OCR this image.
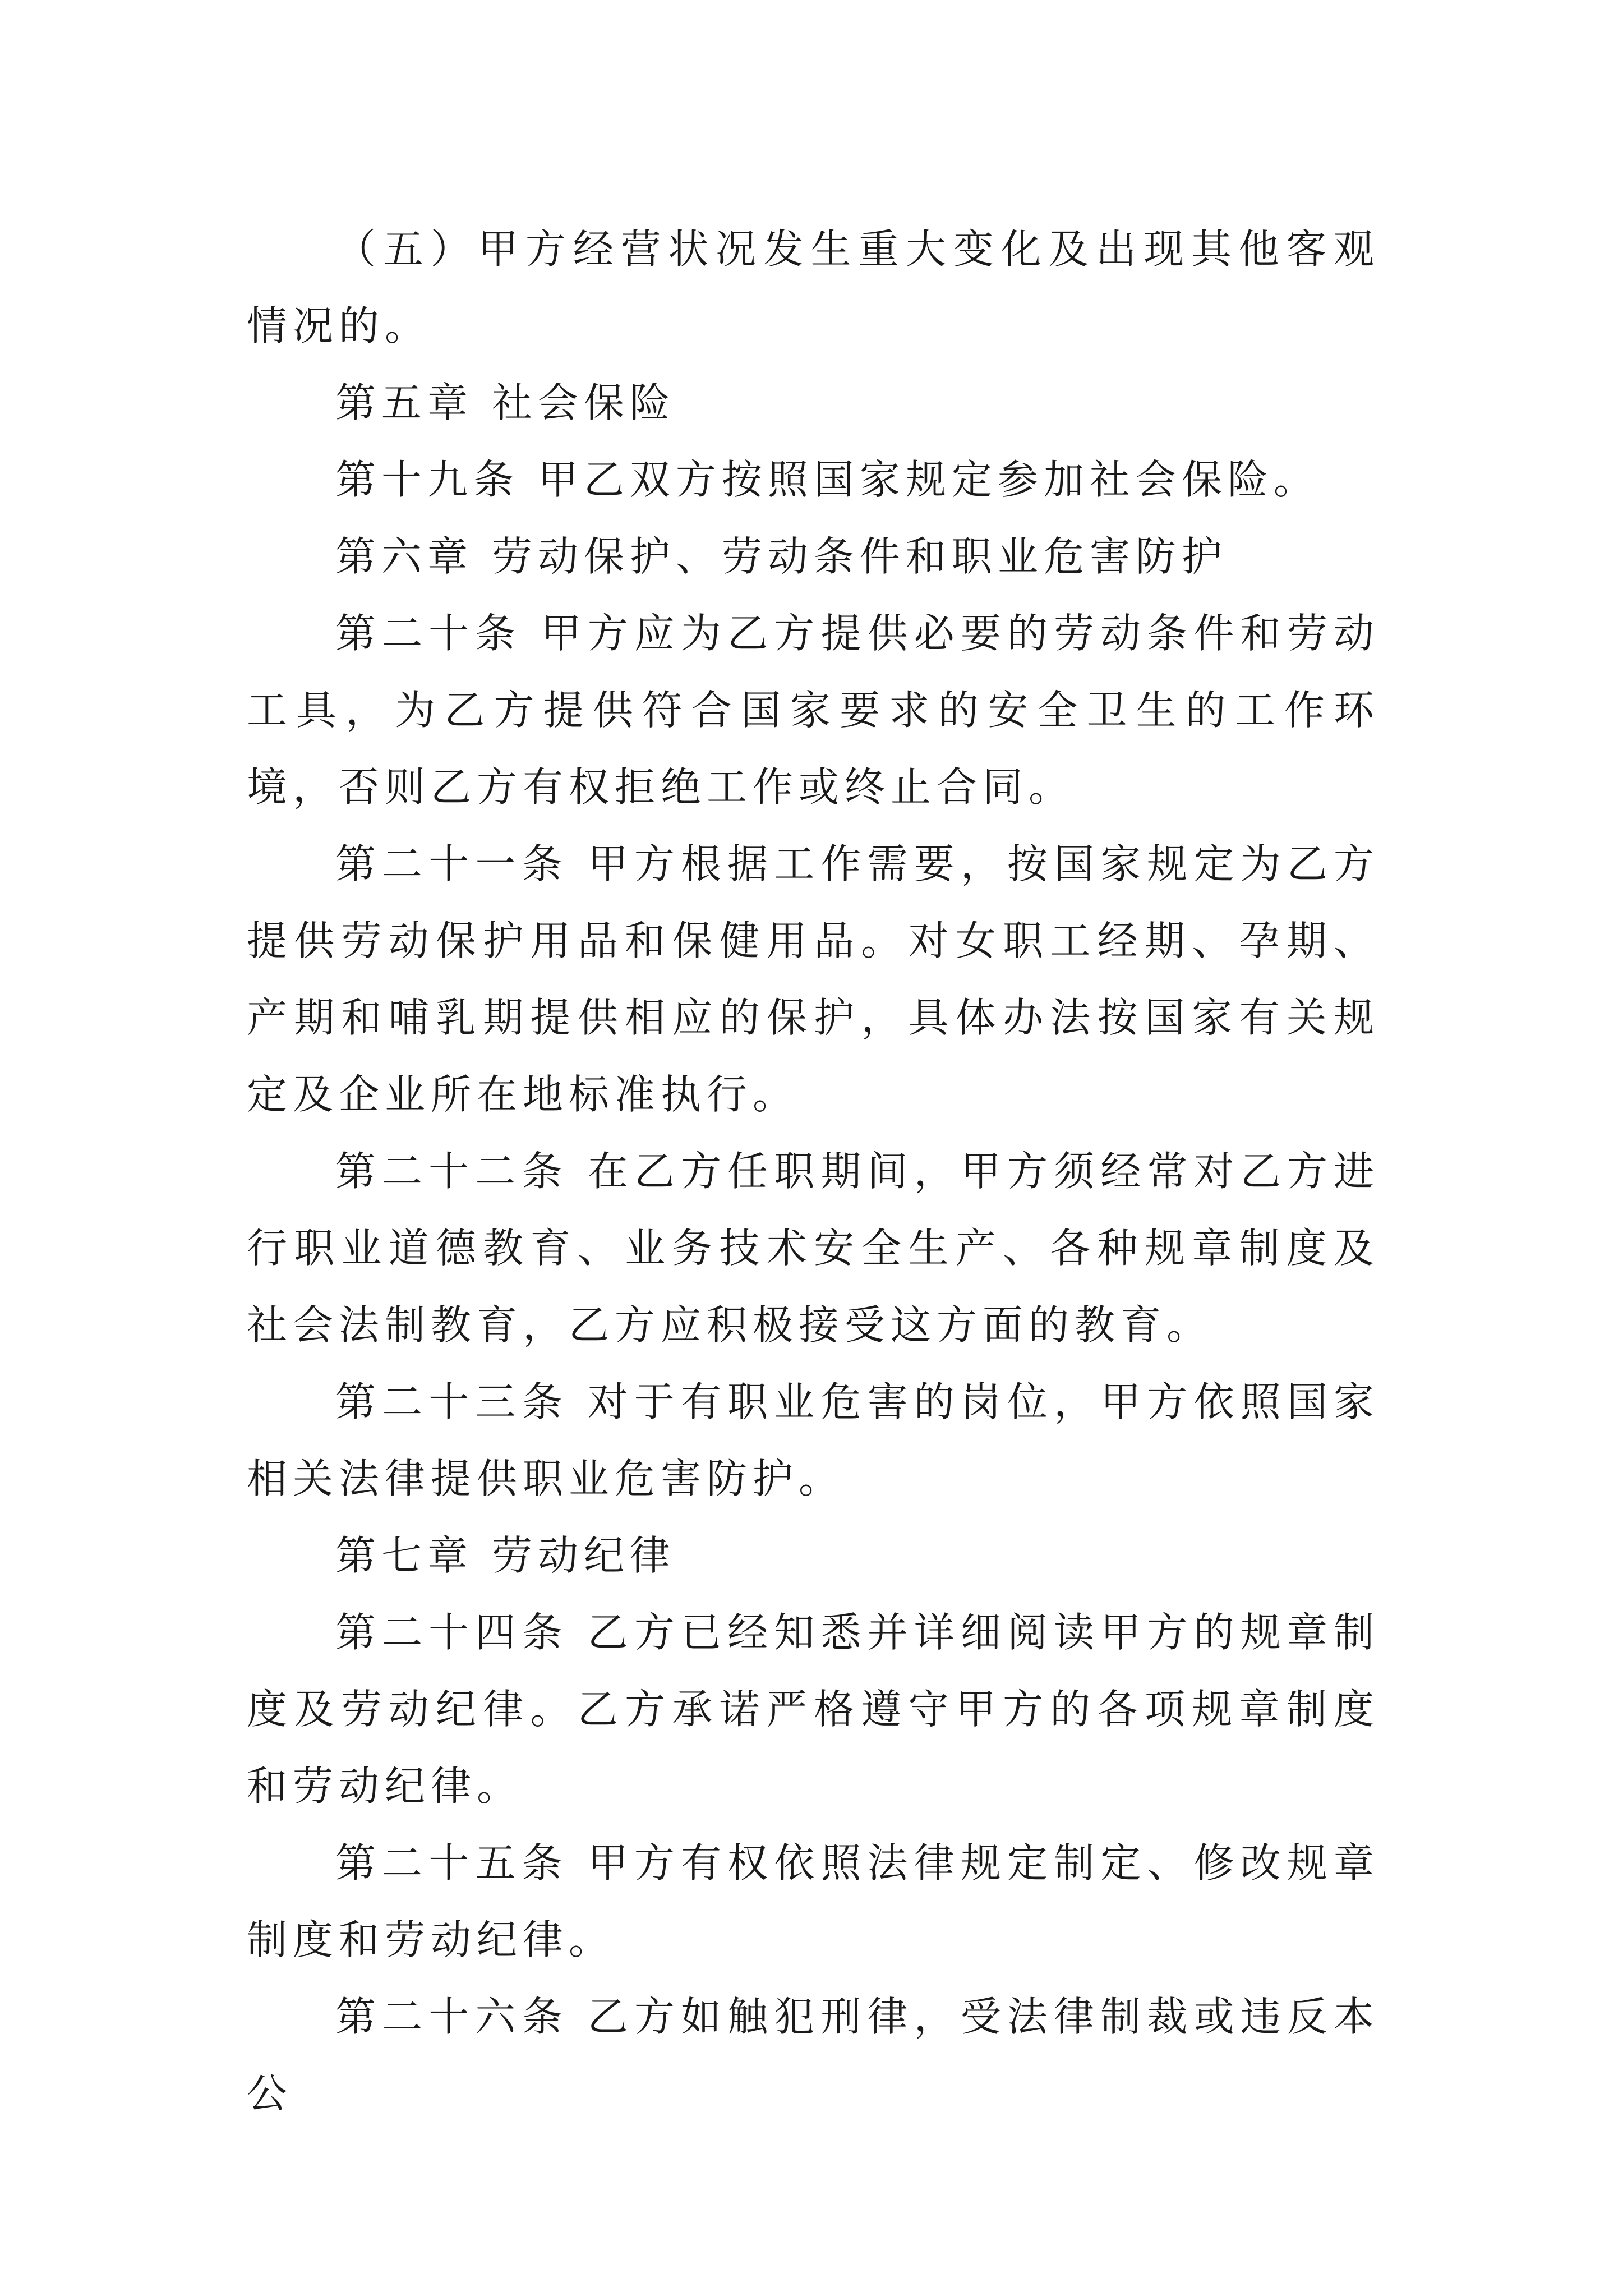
（五）甲方经营状况发生重大变化及出现其他客观情况的。

第五章 社会保险

第十九条 甲乙双方按照国家规定参加社会保险。

第六章 劳动保护、劳动条件和职业危害防护

第二十条 甲方应为乙方提供必要的劳动条件和劳动工具，为乙方提供符合国家要求的安全卫生的工作环境，否则乙方有权拒绝工作或终止合同。

第二十一条 甲方根据工作需要，按国家规定为乙方提供劳动保护用品和保健用品。对女职工经期、孕期、产期和哺乳期提供相应的保护，具体办法按国家有关规定及企业所在地标准执行。

第二十二条 在乙方任职期间，甲方须经常对乙方进行职业道德教育、业务技术安全生产、各种规章制度及社会法制教育，乙方应积极接受这方面的教育。

第二十三条 对于有职业危害的岗位，甲方依照国家相关法律提供职业危害防护。

第七章 劳动纪律

第二十四条 乙方已经知悉并详细阅读甲方的规章制度及劳动纪律。乙方承诺严格遵守甲方的各项规章制度和劳动纪律。

第二十五条 甲方有权依照法律规定制定、修改规章制度和劳动纪律。

第二十六条 乙方如触犯刑律，受法律制裁或违反本公
